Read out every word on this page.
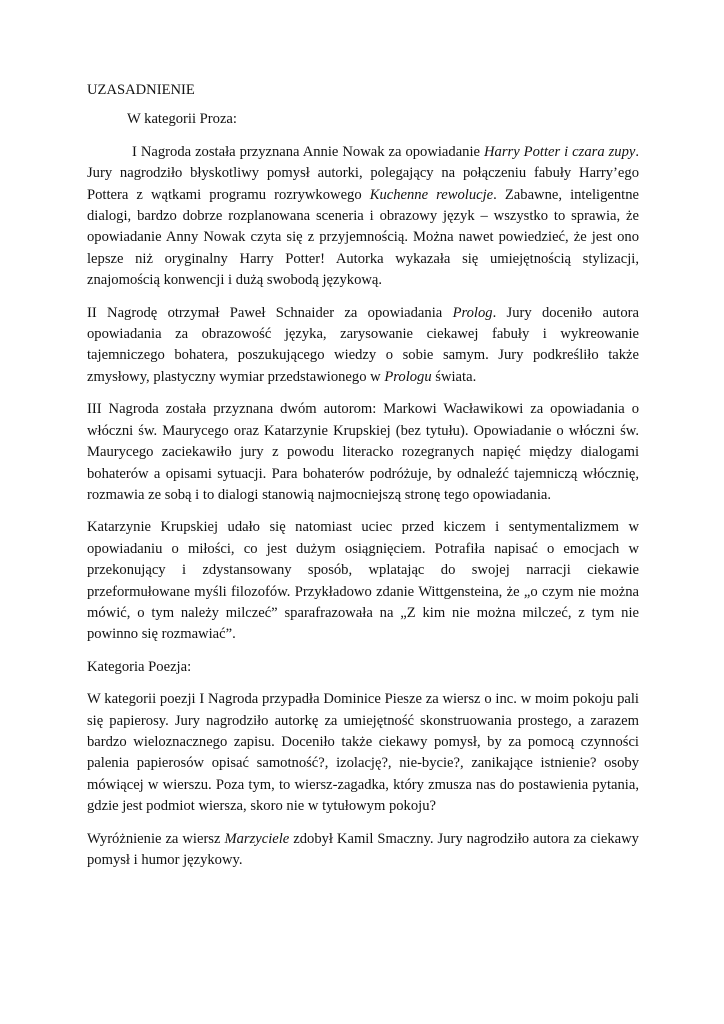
UZASADNIENIE

W kategorii Proza:

I Nagroda została przyznana Annie Nowak za opowiadanie Harry Potter i czara zupy. Jury nagrodziło błyskotliwy pomysł autorki, polegający na połączeniu fabuły Harry’ego Pottera z wątkami programu rozrywkowego Kuchenne rewolucje. Zabawne, inteligentne dialogi, bardzo dobrze rozplanowana sceneria i obrazowy język – wszystko to sprawia, że opowiadanie Anny Nowak czyta się z przyjemnością. Można nawet powiedzieć, że jest ono lepsze niż oryginalny Harry Potter! Autorka wykazała się umiejętnością stylizacji, znajomością konwencji i dużą swobodą językową.

II Nagrodę otrzymał Paweł Schnaider za opowiadania Prolog. Jury doceniło autora opowiadania za obrazowość języka, zarysowanie ciekawej fabuły i wykreowanie tajemniczego bohatera, poszukującego wiedzy o sobie samym. Jury podkreśliło także zmysłowy, plastyczny wymiar przedstawionego w Prologu świata.

III Nagroda została przyznana dwóm autorom: Markowi Wacławikowi za opowiadania o włóczni św. Maurycego oraz Katarzynie Krupskiej (bez tytułu). Opowiadanie o włóczni św. Maurycego zaciekawiło jury z powodu literacko rozegranych napięć między dialogami bohaterów a opisami sytuacji. Para bohaterów podróżuje, by odnaleźć tajemniczą włócznię, rozmawia ze sobą i to dialogi stanowią najmocniejszą stronę tego opowiadania.

Katarzynie Krupskiej udało się natomiast uciec przed kiczem i sentymentalizmem w opowiadaniu o miłości, co jest dużym osiągnięciem. Potrafiła napisać o emocjach w przekonujący i zdystansowany sposób, wplatając do swojej narracji ciekawie przeformułowane myśli filozofów. Przykładowo zdanie Wittgensteina, że „o czym nie można mówić, o tym należy milczeć” sparafrazowała na „Z kim nie można milczeć, z tym nie powinno się rozmawiać”.

Kategoria Poezja:

W kategorii poezji I Nagroda przypadła Dominice Piesze za wiersz o inc. w moim pokoju pali się papierosy. Jury nagrodziło autorkę za umiejętność skonstruowania prostego, a zarazem bardzo wieloznacznego zapisu. Doceniło także ciekawy pomysł, by za pomocą czynności palenia papierosów opisać samotność?, izolację?, nie-bycie?, zanikające istnienie? osoby mówiącej w wierszu. Poza tym, to wiersz-zagadka, który zmusza nas do postawienia pytania, gdzie jest podmiot wiersza, skoro nie w tytułowym pokoju?

Wyróżnienie za wiersz Marzyciele zdobył Kamil Smaczny. Jury nagrodziło autora za ciekawy pomysł i humor językowy.
